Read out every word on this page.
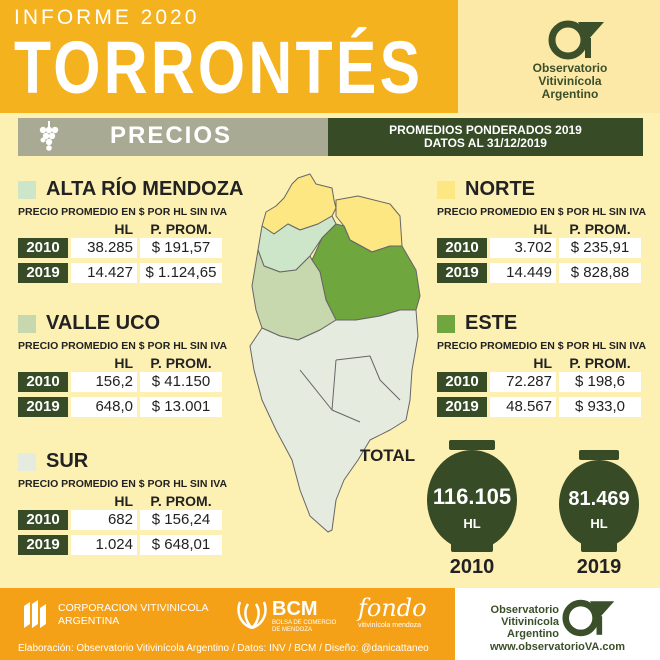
INFORME 2020
TORRONTÉS	Observatorio
Vitivinícola
Argentino
PRECIOS	PROMEDIOS PONDERADOS 2019
DATOS AL 31/12/2019
TOTAL
ALTA RÍO MENDOZA
PRECIO PROMEDIO EN $ POR HL SIN IVA
HL	P. PROM.
2010	38.285	$ 191,57
2019	14.427 $ 1.124,65
VALLE UCO
PRECIO PROMEDIO EN $ POR HL SIN IVA
HL	P. PROM.
2010	156,2	$ 41.150
2019	648,0	$ 13.001
SUR
PRECIO PROMEDIO EN $ POR HL SIN IVA
HL	P. PROM.
2010	682	$ 156,24
2019	1.024	$ 648,01
NORTE
PRECIO PROMEDIO EN $ POR HL SIN IVA
HL	P. PROM.
2010	3.702	$ 235,91
2019	14.449	$ 828,88
ESTE
PRECIO PROMEDIO EN $ POR HL SIN IVA
HL	P. PROM.
2010	72.287	$ 198,6
2019	48.567	$ 933,0
116.105
HL
2010
81.469
HL
2019
CORPORACION VITIVINICOLA
ARGENTINA
BCM
BOLSA DE COMERCIO
DE MENDOZA
fondo
vitivinícola mendoza
Elaboración: Observatorio Vitivinícola Argentino / Datos: INV / BCM / Diseño: @danicattaneo
Observatorio
Vitivinícola
Argentino
www.observatorioVA.com
